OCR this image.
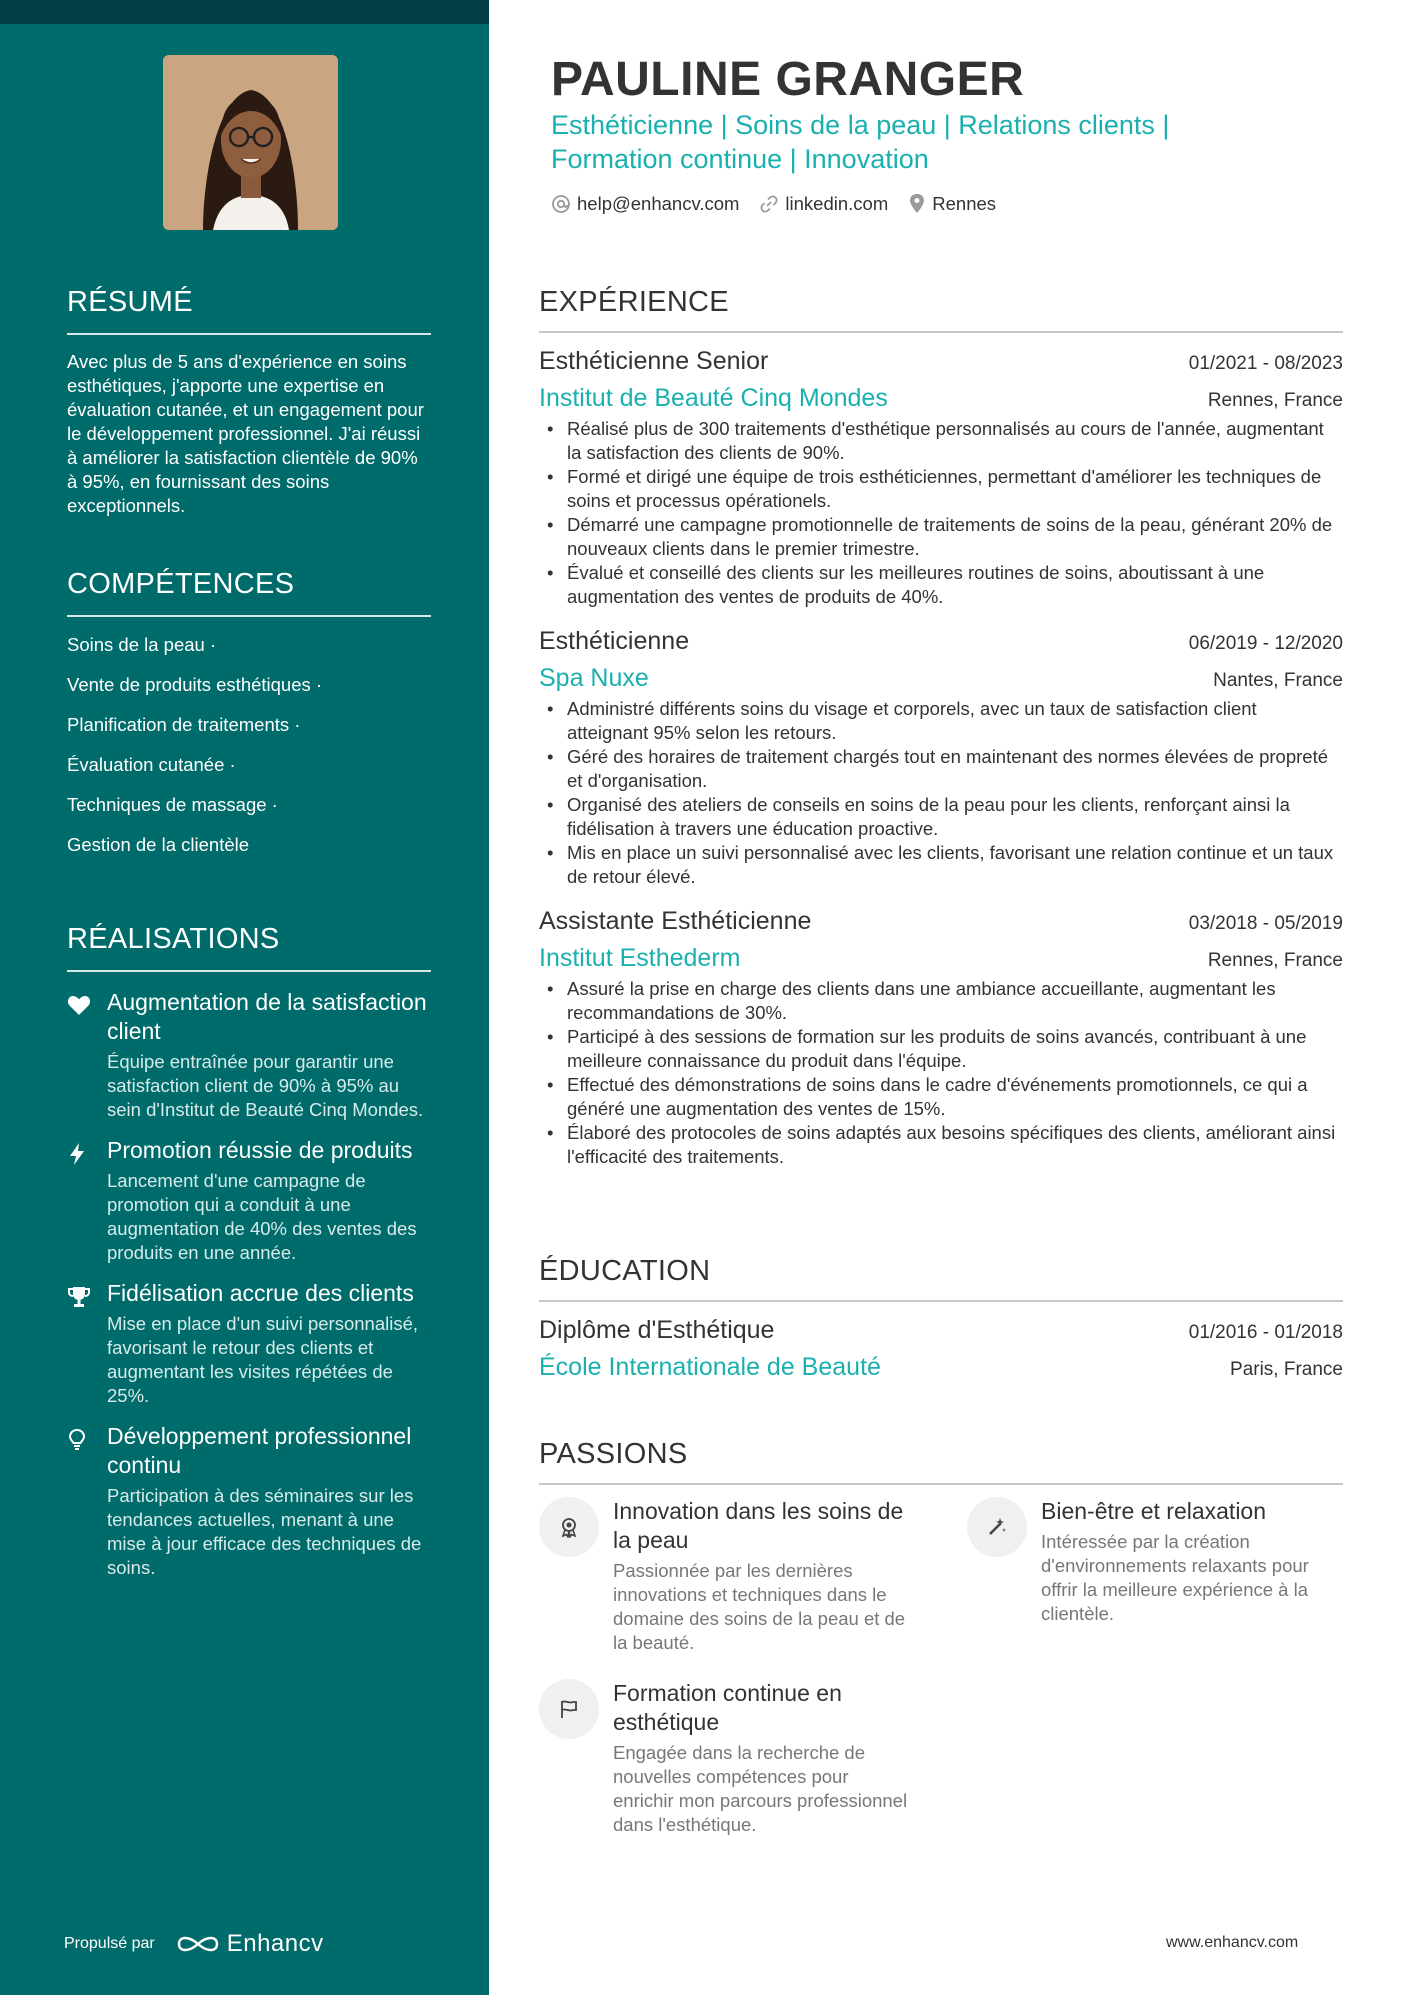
RÉSUMÉ

Avec plus de 5 ans d'expérience en soins esthétiques, j'apporte une expertise en évaluation cutanée, et un engagement pour le développement professionnel. J'ai réussi à améliorer la satisfaction clientèle de 90% à 95%, en fournissant des soins exceptionnels.

COMPÉTENCES
Soins de la peau ·
Vente de produits esthétiques ·
Planification de traitements ·
Évaluation cutanée ·
Techniques de massage ·
Gestion de la clientèle
RÉALISATIONS
Augmentation de la satisfaction client
Équipe entraînée pour garantir une satisfaction client de 90% à 95% au sein d'Institut de Beauté Cinq Mondes.
Promotion réussie de produits
Lancement d'une campagne de promotion qui a conduit à une augmentation de 40% des ventes des produits en une année.
Fidélisation accrue des clients
Mise en place d'un suivi personnalisé, favorisant le retour des clients et augmentant les visites répétées de 25%.
Développement professionnel continu
Participation à des séminaires sur les tendances actuelles, menant à une mise à jour efficace des techniques de soins.
Propulsé par	Enhancv
PAULINE GRANGER
Esthéticienne | Soins de la peau | Relations clients | Formation continue | Innovation
help@enhancv.com linkedin.com Rennes
EXPÉRIENCE
Esthéticienne Senior	01/2021 - 08/2023
Institut de Beauté Cinq Mondes	Rennes, France
• Réalisé plus de 300 traitements d'esthétique personnalisés au cours de l'année, augmentant la satisfaction des clients de 90%.
• Formé et dirigé une équipe de trois esthéticiennes, permettant d'améliorer les techniques de soins et processus opérationels.
• Démarré une campagne promotionnelle de traitements de soins de la peau, générant 20% de nouveaux clients dans le premier trimestre.
• Évalué et conseillé des clients sur les meilleures routines de soins, aboutissant à une augmentation des ventes de produits de 40%.
Esthéticienne	06/2019 - 12/2020
Spa Nuxe	Nantes, France
• Administré différents soins du visage et corporels, avec un taux de satisfaction client atteignant 95% selon les retours.
• Géré des horaires de traitement chargés tout en maintenant des normes élevées de propreté et d'organisation.
• Organisé des ateliers de conseils en soins de la peau pour les clients, renforçant ainsi la fidélisation à travers une éducation proactive.
• Mis en place un suivi personnalisé avec les clients, favorisant une relation continue et un taux de retour élevé.
Assistante Esthéticienne	03/2018 - 05/2019
Institut Esthederm	Rennes, France
• Assuré la prise en charge des clients dans une ambiance accueillante, augmentant les recommandations de 30%.
• Participé à des sessions de formation sur les produits de soins avancés, contribuant à une meilleure connaissance du produit dans l'équipe.
• Effectué des démonstrations de soins dans le cadre d'événements promotionnels, ce qui a généré une augmentation des ventes de 15%.
• Élaboré des protocoles de soins adaptés aux besoins spécifiques des clients, améliorant ainsi l'efficacité des traitements.
ÉDUCATION
Diplôme d'Esthétique	01/2016 - 01/2018
École Internationale de Beauté	Paris, France
PASSIONS
Innovation dans les soins de la peau
Passionnée par les dernières innovations et techniques dans le domaine des soins de la peau et de la beauté.
Bien-être et relaxation
Intéressée par la création d'environnements relaxants pour offrir la meilleure expérience à la clientèle.
Formation continue en esthétique
Engagée dans la recherche de nouvelles compétences pour enrichir mon parcours professionnel dans l'esthétique.
www.enhancv.com
